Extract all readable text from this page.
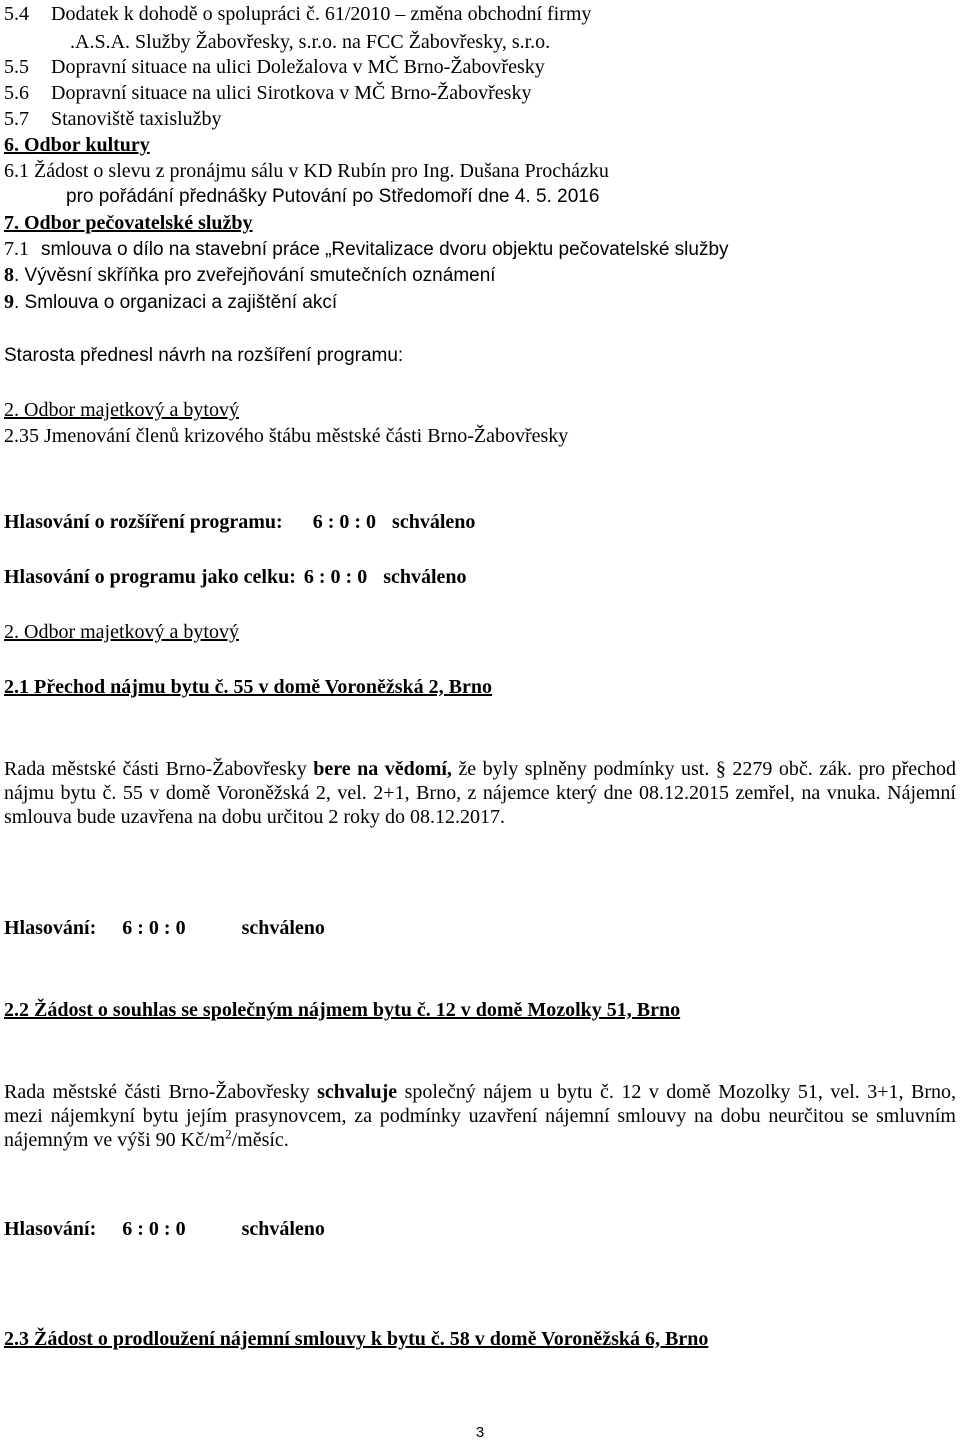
5.4 Dodatek k dohodě o spolupráci č. 61/2010 – změna obchodní firmy
.A.S.A. Služby Žabovřesky, s.r.o. na FCC Žabovřesky, s.r.o.
5.5 Dopravní situace na ulici Doležalova v MČ Brno-Žabovřesky
5.6 Dopravní situace na ulici Sirotkova v MČ Brno-Žabovřesky
5.7 Stanoviště taxislužby
6. Odbor kultury
6.1 Žádost o slevu z pronájmu sálu v KD Rubín pro Ing. Dušana Procházku
pro pořádání přednášky Putování po Středomoří dne 4. 5. 2016
7. Odbor pečovatelské služby
7.1 smlouva o dílo na stavební práce „Revitalizace dvoru objektu pečovatelské služby
8. Vývěsní skříňka pro zveřejňování smutečních oznámení
9. Smlouva o organizaci a zajištění akcí
Starosta přednesl návrh na rozšíření programu:
2. Odbor majetkový a bytový
2.35 Jmenování členů krizového štábu městské části Brno-Žabovřesky
Hlasování o rozšíření programu: 6 : 0 : 0 schváleno
Hlasování o programu jako celku: 6 : 0 : 0 schváleno
2. Odbor majetkový a bytový
2.1 Přechod nájmu bytu č. 55 v domě Voroněžská 2, Brno
Rada městské části Brno-Žabovřesky bere na vědomí, že byly splněny podmínky ust. § 2279 obč. zák. pro přechod nájmu bytu č. 55 v domě Voroněžská 2, vel. 2+1, Brno, z nájemce který dne 08.12.2015 zemřel, na vnuka. Nájemní smlouva bude uzavřena na dobu určitou 2 roky do 08.12.2017.
Hlasování: 6 : 0 : 0	schváleno
2.2 Žádost o souhlas se společným nájmem bytu č. 12 v domě Mozolky 51, Brno
Rada městské části Brno-Žabovřesky schvaluje společný nájem u bytu č. 12 v domě Mozolky 51, vel. 3+1, Brno, mezi nájemkyní bytu jejím prasynovcem, za podmínky uzavření nájemní smlouvy na dobu neurčitou se smluvním nájemným ve výši 90 $Kč/m^2$/měsíc.
Hlasování: 6 : 0 : 0	schváleno
2.3 Žádost o prodloužení nájemní smlouvy k bytu č. 58 v domě Voroněžská 6, Brno
3
